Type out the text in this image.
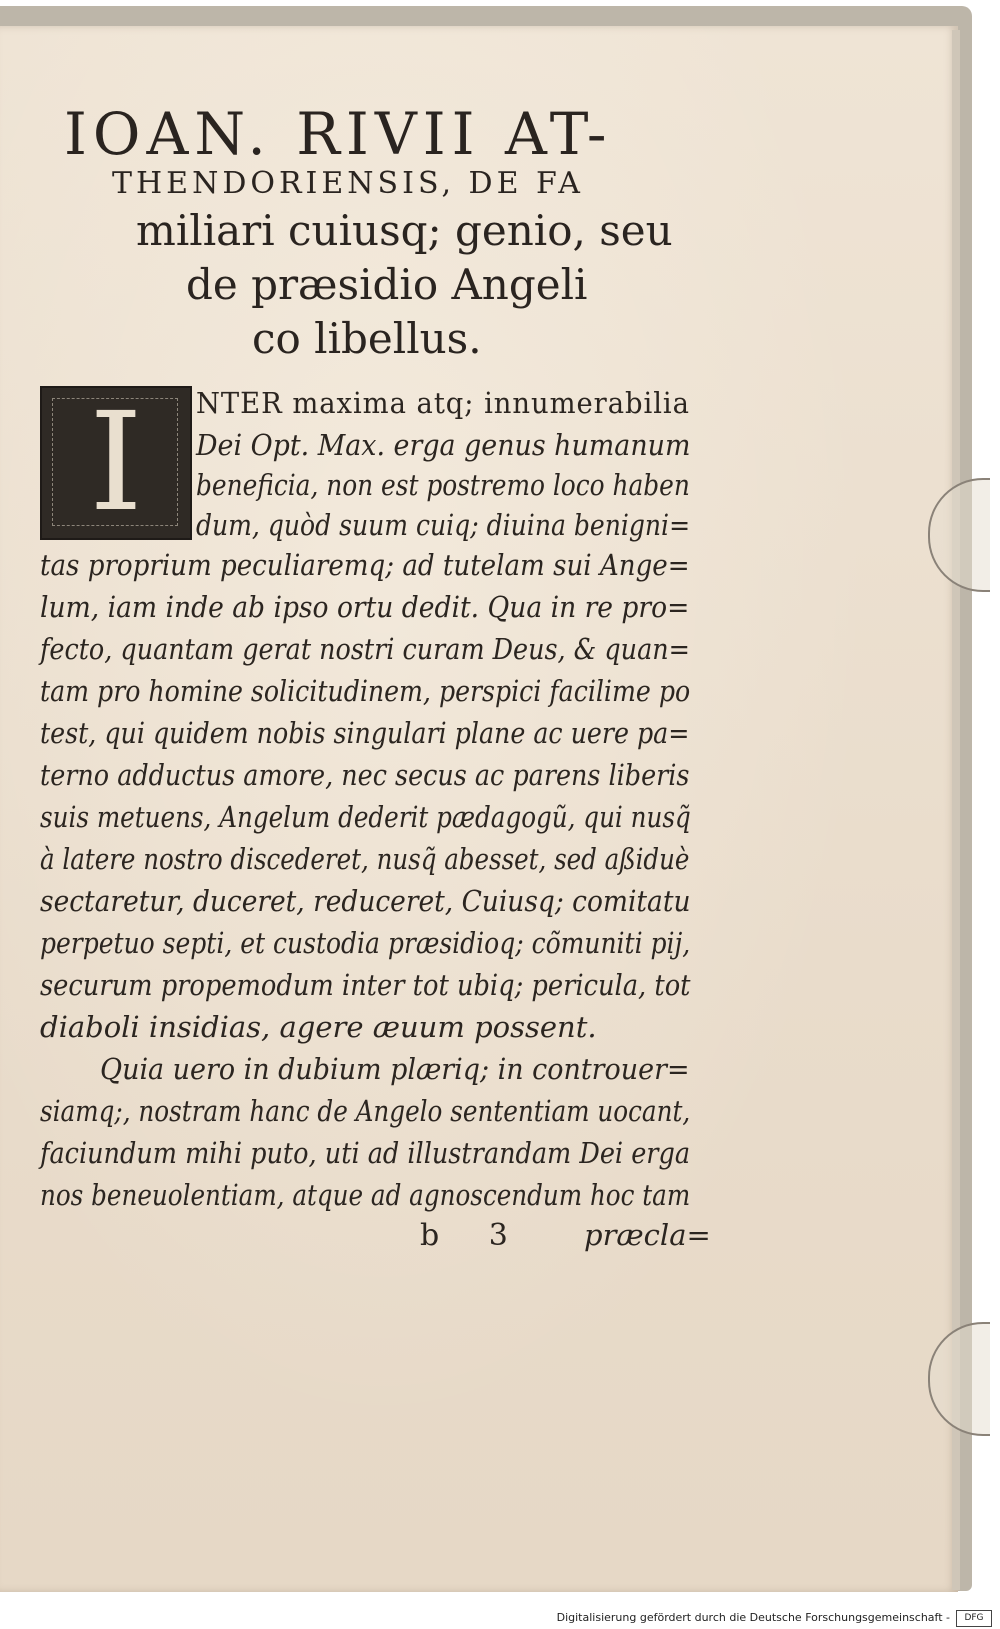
IOAN. RIVII AT-
THENDORIENSIS, DE FA
miliari cuiusq; genio, seu
de præsidio Angeli
co libellus.
I	NTER maxima atq; innumerabilia
Dei Opt. Max. erga genus humanum
beneficia, non est postremo loco haben
dum, quòd suum cuiq; diuina benigni=
tas proprium peculiaremq; ad tutelam sui Ange=
lum, iam inde ab ipso ortu dedit. Qua in re pro=
fecto, quantam gerat nostri curam Deus, & quan=
tam pro homine solicitudinem, perspici facilime po
test, qui quidem nobis singulari plane ac uere pa=
terno adductus amore, nec secus ac parens liberis
suis metuens, Angelum dederit pædagogũ, qui nusq̃
à latere nostro discederet, nusq̃ abesset, sed aßiduè
sectaretur, duceret, reduceret, Cuiusq; comitatu
perpetuo septi, et custodia præsidioq; cõmuniti pij,
securum propemodum inter tot ubiq; pericula, tot
diaboli insidias, agere æuum possent.
Quia uero in dubium plæriq; in controuer=
siamq;, nostram hanc de Angelo sententiam uocant,
faciundum mihi puto, uti ad illustrandam Dei erga
nos beneuolentiam, atque ad agnoscendum hoc tam
b 3 præcla=
Digitalisierung gefördert durch die Deutsche Forschungsgemeinschaft -	DFG
